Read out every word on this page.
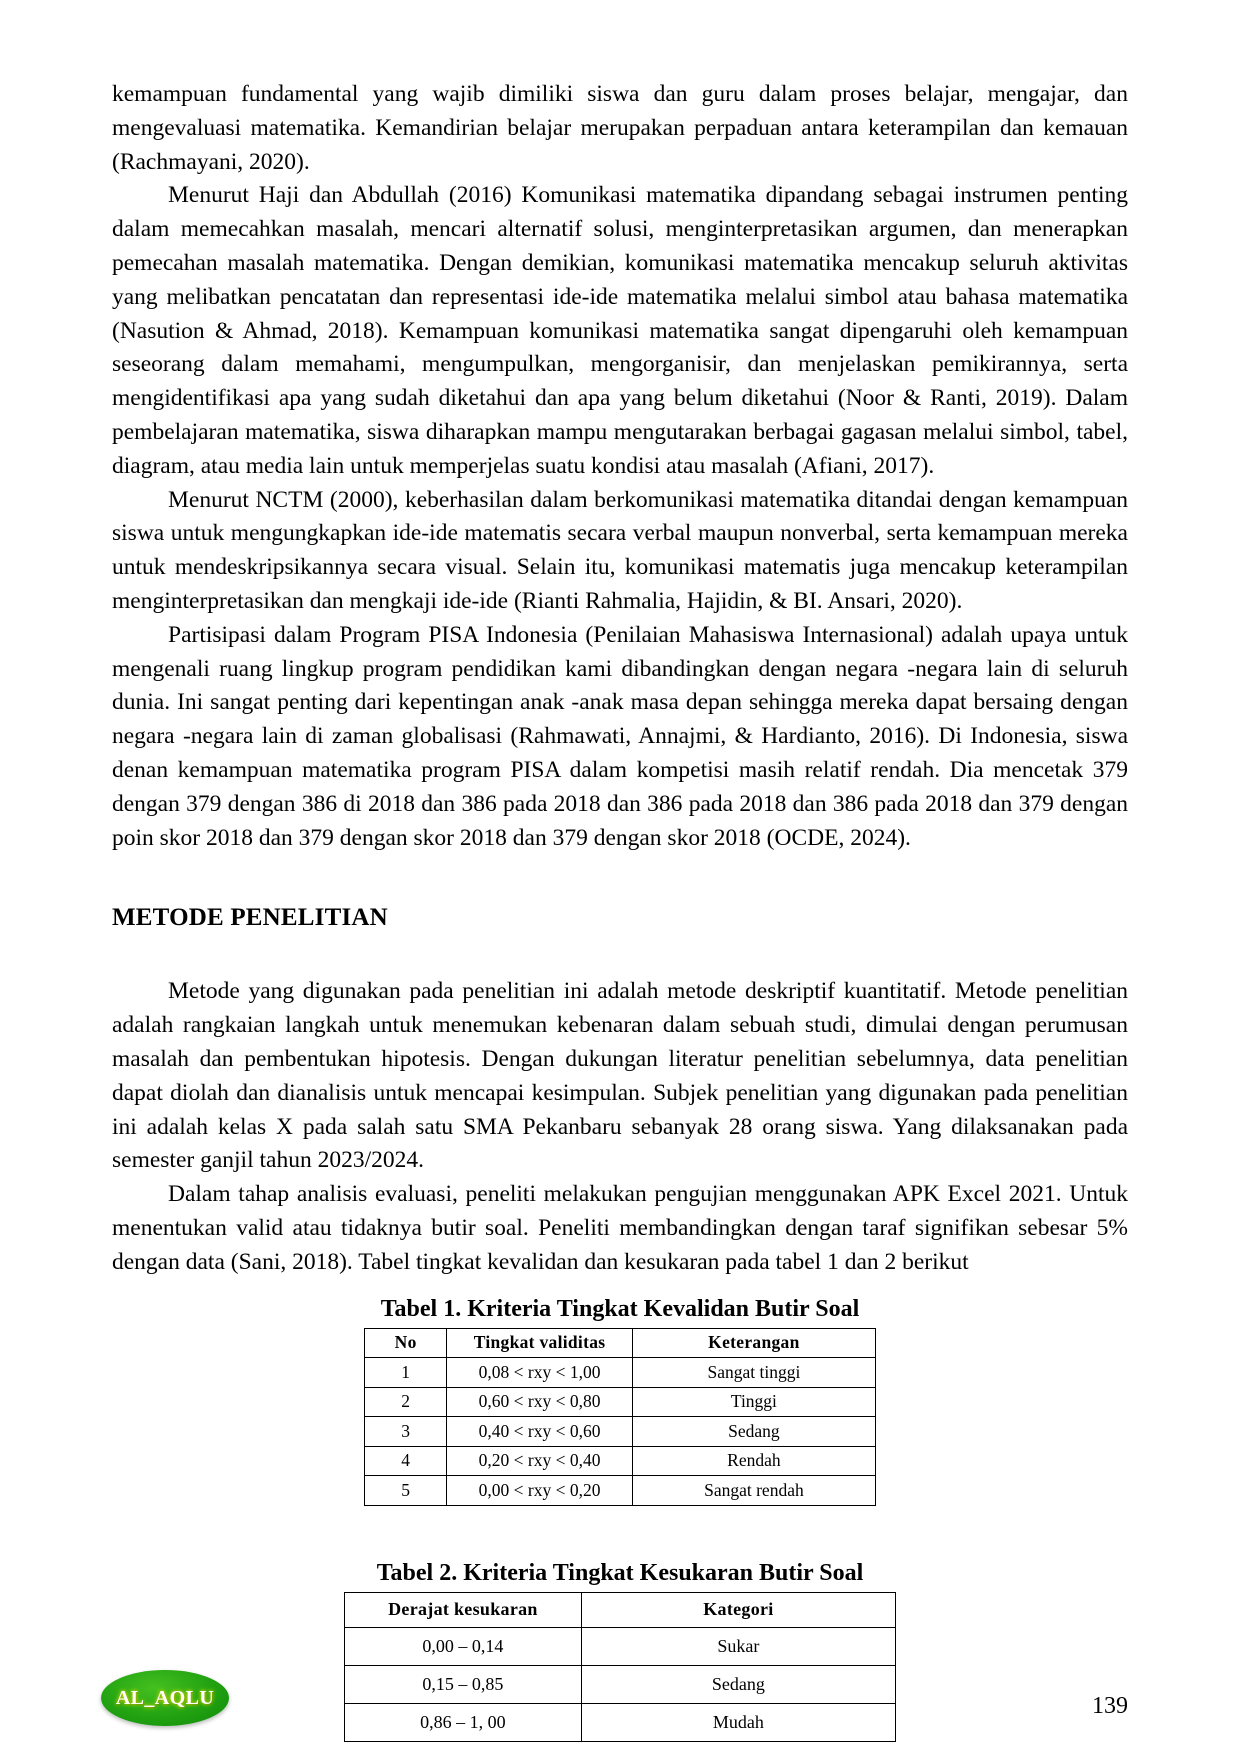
kemampuan fundamental yang wajib dimiliki siswa dan guru dalam proses belajar, mengajar, dan mengevaluasi matematika. Kemandirian belajar merupakan perpaduan antara keterampilan dan kemauan (Rachmayani, 2020).

Menurut Haji dan Abdullah (2016) Komunikasi matematika dipandang sebagai instrumen penting dalam memecahkan masalah, mencari alternatif solusi, menginterpretasikan argumen, dan menerapkan pemecahan masalah matematika. Dengan demikian, komunikasi matematika mencakup seluruh aktivitas yang melibatkan pencatatan dan representasi ide-ide matematika melalui simbol atau bahasa matematika (Nasution & Ahmad, 2018). Kemampuan komunikasi matematika sangat dipengaruhi oleh kemampuan seseorang dalam memahami, mengumpulkan, mengorganisir, dan menjelaskan pemikirannya, serta mengidentifikasi apa yang sudah diketahui dan apa yang belum diketahui (Noor & Ranti, 2019). Dalam pembelajaran matematika, siswa diharapkan mampu mengutarakan berbagai gagasan melalui simbol, tabel, diagram, atau media lain untuk memperjelas suatu kondisi atau masalah (Afiani, 2017).

Menurut NCTM (2000), keberhasilan dalam berkomunikasi matematika ditandai dengan kemampuan siswa untuk mengungkapkan ide-ide matematis secara verbal maupun nonverbal, serta kemampuan mereka untuk mendeskripsikannya secara visual. Selain itu, komunikasi matematis juga mencakup keterampilan menginterpretasikan dan mengkaji ide-ide (Rianti Rahmalia, Hajidin, & BI. Ansari, 2020).

Partisipasi dalam Program PISA Indonesia (Penilaian Mahasiswa Internasional) adalah upaya untuk mengenali ruang lingkup program pendidikan kami dibandingkan dengan negara -negara lain di seluruh dunia. Ini sangat penting dari kepentingan anak -anak masa depan sehingga mereka dapat bersaing dengan negara -negara lain di zaman globalisasi (Rahmawati, Annajmi, & Hardianto, 2016). Di Indonesia, siswa denan kemampuan matematika program PISA dalam kompetisi masih relatif rendah. Dia mencetak 379 dengan 379 dengan 386 di 2018 dan 386 pada 2018 dan 386 pada 2018 dan 386 pada 2018 dan 379 dengan poin skor 2018 dan 379 dengan skor 2018 dan 379 dengan skor 2018 (OCDE, 2024).

METODE PENELITIAN

Metode yang digunakan pada penelitian ini adalah metode deskriptif kuantitatif. Metode penelitian adalah rangkaian langkah untuk menemukan kebenaran dalam sebuah studi, dimulai dengan perumusan masalah dan pembentukan hipotesis. Dengan dukungan literatur penelitian sebelumnya, data penelitian dapat diolah dan dianalisis untuk mencapai kesimpulan. Subjek penelitian yang digunakan pada penelitian ini adalah kelas X pada salah satu SMA Pekanbaru sebanyak 28 orang siswa. Yang dilaksanakan pada semester ganjil tahun 2023/2024.

Dalam tahap analisis evaluasi, peneliti melakukan pengujian menggunakan APK Excel 2021. Untuk menentukan valid atau tidaknya butir soal. Peneliti membandingkan dengan taraf signifikan sebesar 5% dengan data (Sani, 2018). Tabel tingkat kevalidan dan kesukaran pada tabel 1 dan 2 berikut

Tabel 1. Kriteria Tingkat Kevalidan Butir Soal

No	Tingkat validitas	Keterangan
1	0,08 < rxy < 1,00	Sangat tinggi
2	0,60 < rxy < 0,80	Tinggi
3	0,40 < rxy < 0,60	Sedang
4	0,20 < rxy < 0,40	Rendah
5	0,00 < rxy < 0,20	Sangat rendah

Tabel 2. Kriteria Tingkat Kesukaran Butir Soal

Derajat kesukaran	Kategori
0,00 – 0,14	Sukar
0,15 – 0,85	Sedang
0,86 – 1, 00	Mudah
AL_AQLU	139
